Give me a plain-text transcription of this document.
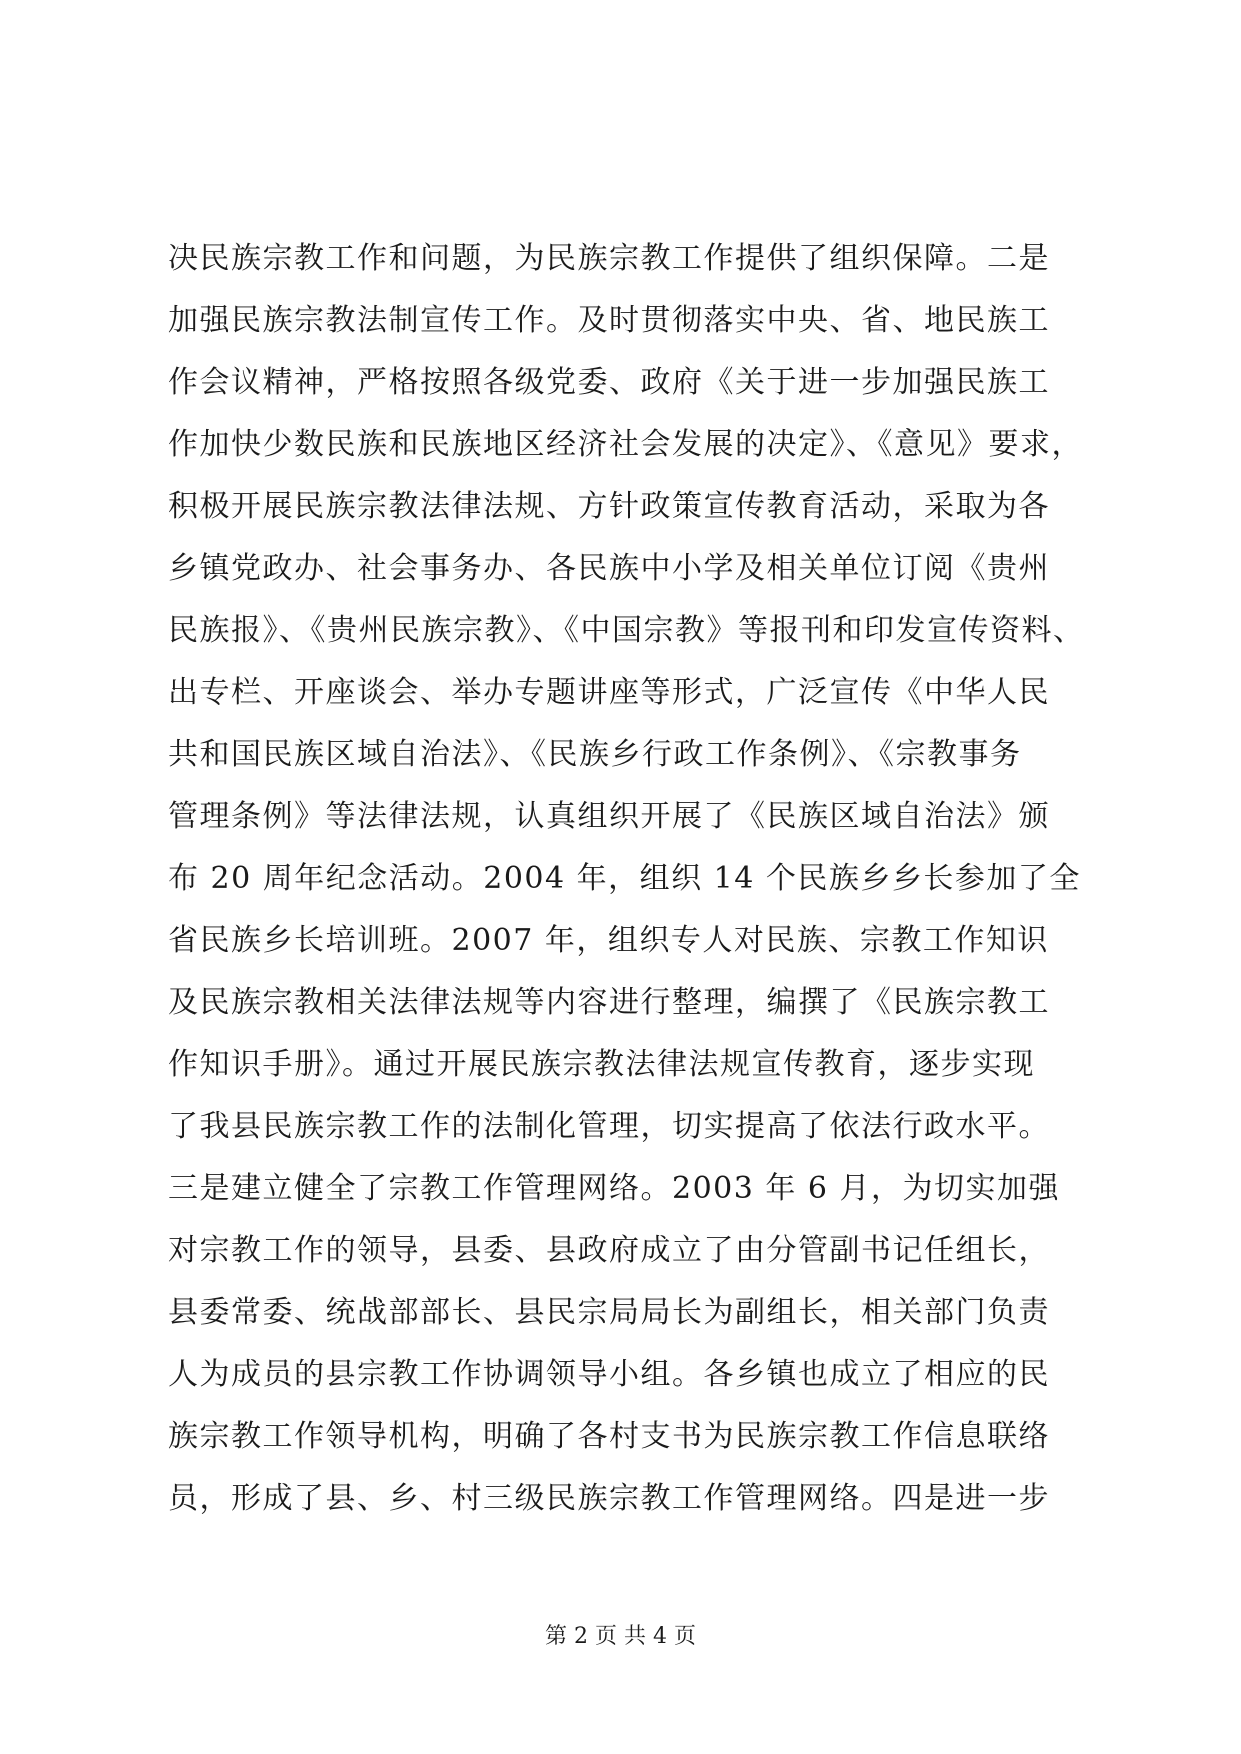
决民族宗教工作和问题，为民族宗教工作提供了组织保障。二是
加强民族宗教法制宣传工作。及时贯彻落实中央、省、地民族工
作会议精神，严格按照各级党委、政府《关于进一步加强民族工
作加快少数民族和民族地区经济社会发展的决定》、《意见》要求，
积极开展民族宗教法律法规、方针政策宣传教育活动，采取为各
乡镇党政办、社会事务办、各民族中小学及相关单位订阅《贵州
民族报》、《贵州民族宗教》、《中国宗教》等报刊和印发宣传资料、
出专栏、开座谈会、举办专题讲座等形式，广泛宣传《中华人民
共和国民族区域自治法》、《民族乡行政工作条例》、《宗教事务
管理条例》等法律法规，认真组织开展了《民族区域自治法》颁
布 20 周年纪念活动。2004 年，组织 14 个民族乡乡长参加了全
省民族乡长培训班。2007 年，组织专人对民族、宗教工作知识
及民族宗教相关法律法规等内容进行整理，编撰了《民族宗教工
作知识手册》。通过开展民族宗教法律法规宣传教育，逐步实现
了我县民族宗教工作的法制化管理，切实提高了依法行政水平。
三是建立健全了宗教工作管理网络。2003 年 6 月，为切实加强
对宗教工作的领导，县委、县政府成立了由分管副书记任组长，
县委常委、统战部部长、县民宗局局长为副组长，相关部门负责
人为成员的县宗教工作协调领导小组。各乡镇也成立了相应的民
族宗教工作领导机构，明确了各村支书为民族宗教工作信息联络
员，形成了县、乡、村三级民族宗教工作管理网络。四是进一步
第 2 页 共 4 页
